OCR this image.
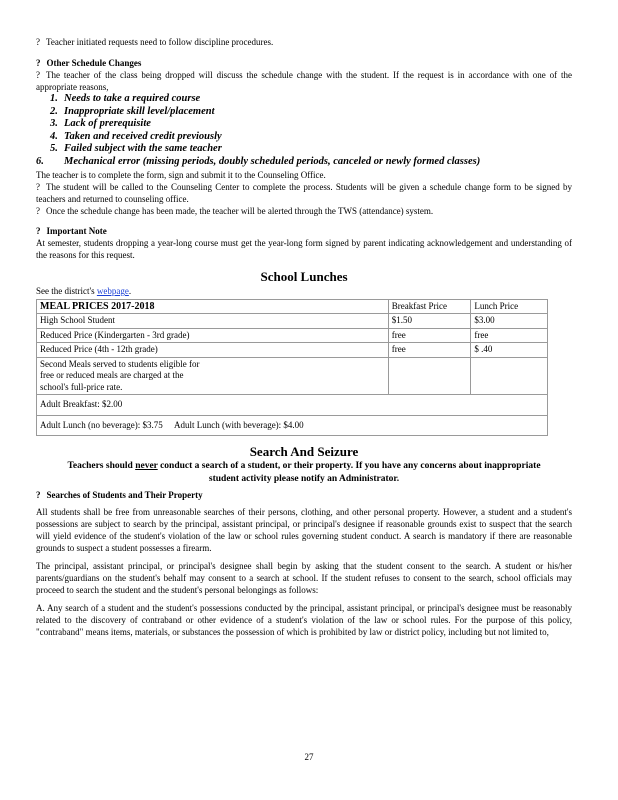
? Teacher initiated requests need to follow discipline procedures.

? Other Schedule Changes

? The teacher of the class being dropped will discuss the schedule change with the student. If the request is in accordance with one of the appropriate reasons,

1. Needs to take a required course
2. Inappropriate skill level/placement
3. Lack of prerequisite
4. Taken and received credit previously
5. Failed subject with the same teacher
6. Mechanical error (missing periods, doubly scheduled periods, canceled or newly formed classes)

The teacher is to complete the form, sign and submit it to the Counseling Office.

? The student will be called to the Counseling Center to complete the process. Students will be given a schedule change form to be signed by teachers and returned to counseling office.

? Once the schedule change has been made, the teacher will be alerted through the TWS (attendance) system.

? Important Note

At semester, students dropping a year-long course must get the year-long form signed by parent indicating acknowledgement and understanding of the reasons for this request.

School Lunches

See the district's webpage.

MEAL PRICES 2017-2018	Breakfast Price	Lunch Price
High School Student	$1.50	$3.00
Reduced Price (Kindergarten - 3rd grade)	free	free
Reduced Price (4th - 12th grade)	free	$ .40
Second Meals served to students eligible for free or reduced meals are charged at the school's full-price rate.		
Adult Breakfast: $2.00		
Adult Lunch (no beverage): $3.75 Adult Lunch (with beverage): $4.00		
Search And Seizure

Teachers should never conduct a search of a student, or their property. If you have any concerns about inappropriate student activity please notify an Administrator.

? Searches of Students and Their Property

All students shall be free from unreasonable searches of their persons, clothing, and other personal property. However, a student and a student's possessions are subject to search by the principal, assistant principal, or principal's designee if reasonable grounds exist to suspect that the search will yield evidence of the student's violation of the law or school rules governing student conduct. A search is mandatory if there are reasonable grounds to suspect a student possesses a firearm.

The principal, assistant principal, or principal's designee shall begin by asking that the student consent to the search. A student or his/her parents/guardians on the student's behalf may consent to a search at school. If the student refuses to consent to the search, school officials may proceed to search the student and the student's personal belongings as follows:

A. Any search of a student and the student's possessions conducted by the principal, assistant principal, or principal's designee must be reasonably related to the discovery of contraband or other evidence of a student's violation of the law or school rules. For the purpose of this policy, "contraband" means items, materials, or substances the possession of which is prohibited by law or district policy, including but not limited to,

27
